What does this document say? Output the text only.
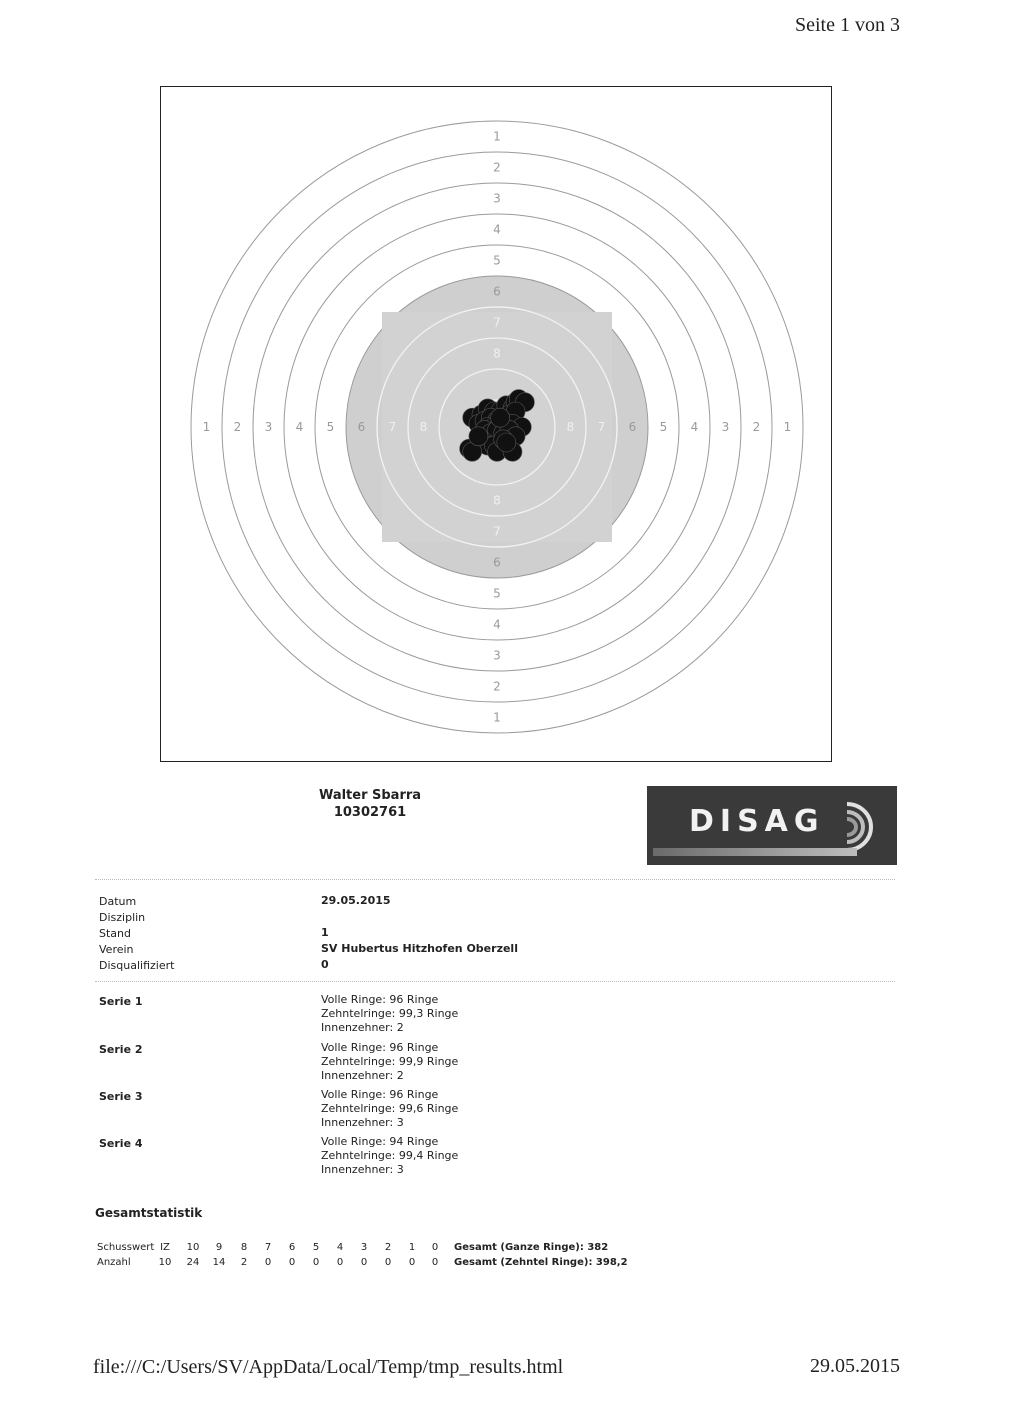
Seite 1 von 3
1
1
1	1
2
2
2	2
3
3
3	3
4
4
4	4
5
5
5	5
6
6
6	6
7
7
7	7
8
8
8	8
Walter Sbarra
10302761	DISAG
Datum	29.05.2015
Disziplin
Stand	1
Verein	SV Hubertus Hitzhofen Oberzell
Disqualifiziert	0
Serie 1	Volle Ringe: 96 Ringe
Zehntelringe: 99,3 Ringe
Innenzehner: 2
Serie 2	Volle Ringe: 96 Ringe
Zehntelringe: 99,9 Ringe
Innenzehner: 2
Serie 3	Volle Ringe: 96 Ringe
Zehntelringe: 99,6 Ringe
Innenzehner: 3
Serie 4	Volle Ringe: 94 Ringe
Zehntelringe: 99,4 Ringe
Innenzehner: 3
Gesamtstatistik
Schusswert IZ	10	9	8	7	6	5	4	3	2	1	0	Gesamt (Ganze Ringe): 382
Anzahl	10	24	14	2	0	0	0	0	0	0	0	0	Gesamt (Zehntel Ringe): 398,2
file:///C:/Users/SV/AppData/Local/Temp/tmp_results.html	29.05.2015
